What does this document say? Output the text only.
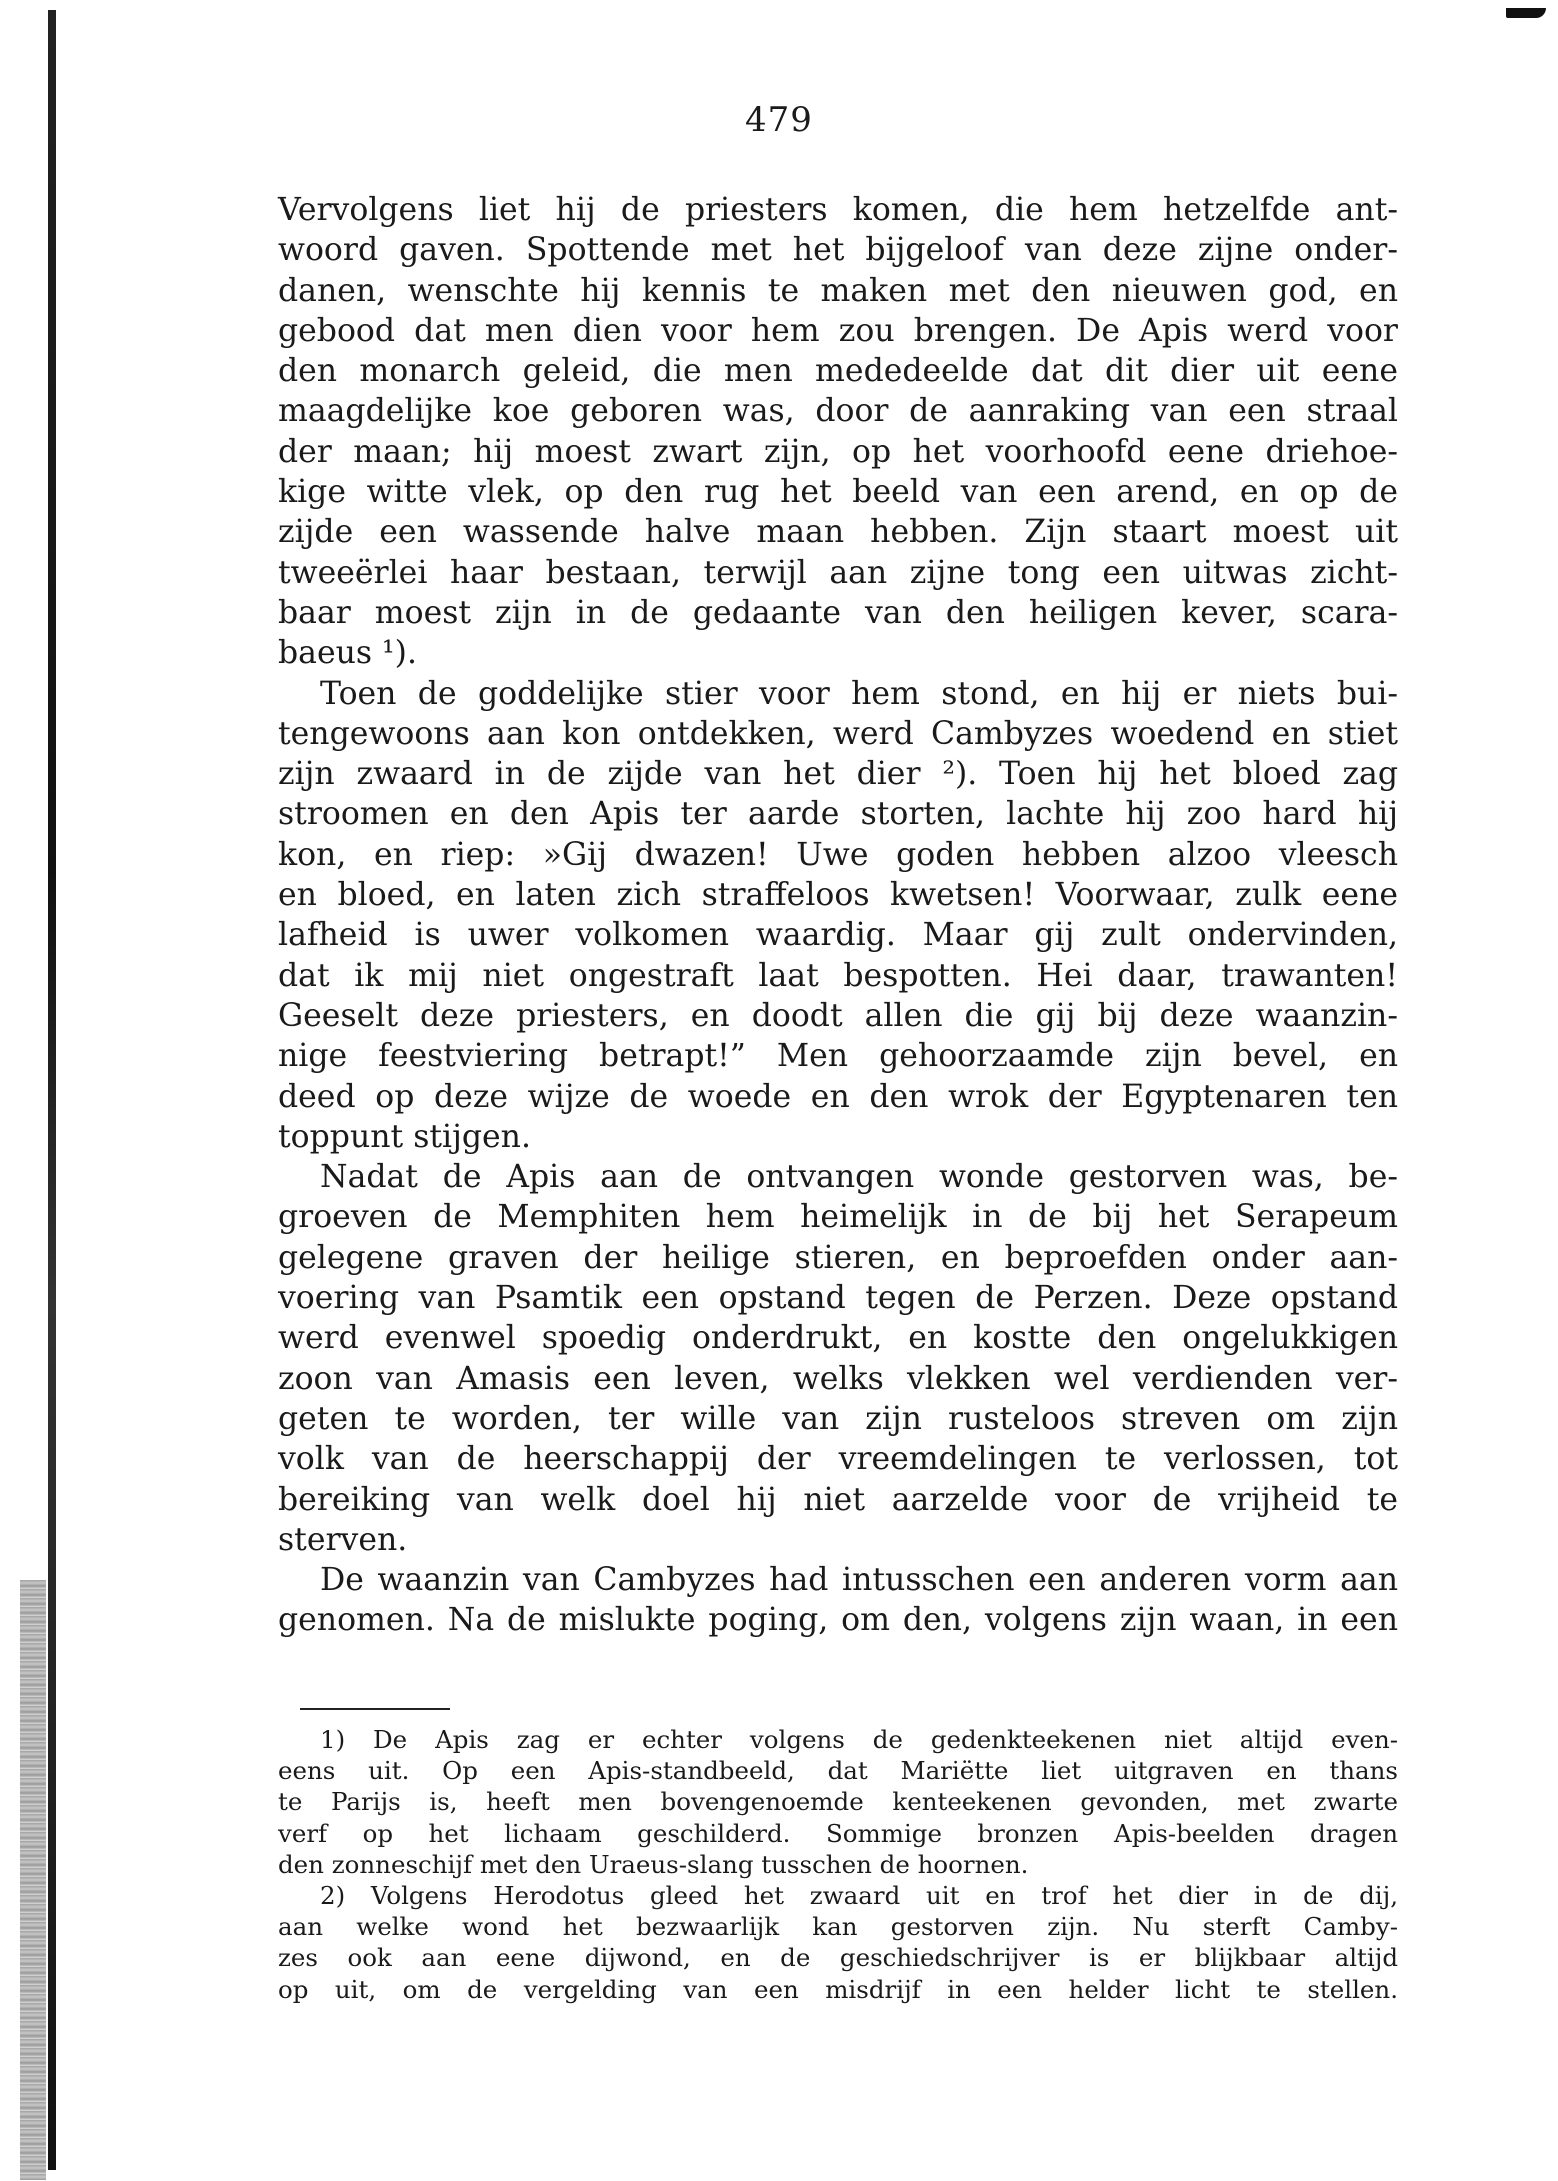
479

Vervolgens liet hij de priesters komen, die hem hetzelfde ant-
woord gaven. Spottende met het bijgeloof van deze zijne onder-
danen, wenschte hij kennis te maken met den nieuwen god, en
gebood dat men dien voor hem zou brengen. De Apis werd voor
den monarch geleid, die men mededeelde dat dit dier uit eene
maagdelijke koe geboren was, door de aanraking van een straal
der maan; hij moest zwart zijn, op het voorhoofd eene driehoe-
kige witte vlek, op den rug het beeld van een arend, en op de
zijde een wassende halve maan hebben. Zijn staart moest uit
tweeërlei haar bestaan, terwijl aan zijne tong een uitwas zicht-
baar moest zijn in de gedaante van den heiligen kever, scara-
baeus ¹).

Toen de goddelijke stier voor hem stond, en hij er niets bui-
tengewoons aan kon ontdekken, werd Cambyzes woedend en stiet
zijn zwaard in de zijde van het dier ²). Toen hij het bloed zag
stroomen en den Apis ter aarde storten, lachte hij zoo hard hij
kon, en riep: »Gij dwazen! Uwe goden hebben alzoo vleesch
en bloed, en laten zich straffeloos kwetsen! Voorwaar, zulk eene
lafheid is uwer volkomen waardig. Maar gij zult ondervinden,
dat ik mij niet ongestraft laat bespotten. Hei daar, trawanten!
Geeselt deze priesters, en doodt allen die gij bij deze waanzin-
nige feestviering betrapt!” Men gehoorzaamde zijn bevel, en
deed op deze wijze de woede en den wrok der Egyptenaren ten
toppunt stijgen.

Nadat de Apis aan de ontvangen wonde gestorven was, be-
groeven de Memphiten hem heimelijk in de bij het Serapeum
gelegene graven der heilige stieren, en beproefden onder aan-
voering van Psamtik een opstand tegen de Perzen. Deze opstand
werd evenwel spoedig onderdrukt, en kostte den ongelukkigen
zoon van Amasis een leven, welks vlekken wel verdienden ver-
geten te worden, ter wille van zijn rusteloos streven om zijn
volk van de heerschappij der vreemdelingen te verlossen, tot
bereiking van welk doel hij niet aarzelde voor de vrijheid te
sterven.

De waanzin van Cambyzes had intusschen een anderen vorm aan
genomen. Na de mislukte poging, om den, volgens zijn waan, in een

1) De Apis zag er echter volgens de gedenkteekenen niet altijd even-
eens uit. Op een Apis-standbeeld, dat Mariëtte liet uitgraven en thans
te Parijs is, heeft men bovengenoemde kenteekenen gevonden, met zwarte
verf op het lichaam geschilderd. Sommige bronzen Apis-beelden dragen
den zonneschijf met den Uraeus-slang tusschen de hoornen.

2) Volgens Herodotus gleed het zwaard uit en trof het dier in de dij,
aan welke wond het bezwaarlijk kan gestorven zijn. Nu sterft Camby-
zes ook aan eene dijwond, en de geschiedschrijver is er blijkbaar altijd
op uit, om de vergelding van een misdrijf in een helder licht te stellen.
